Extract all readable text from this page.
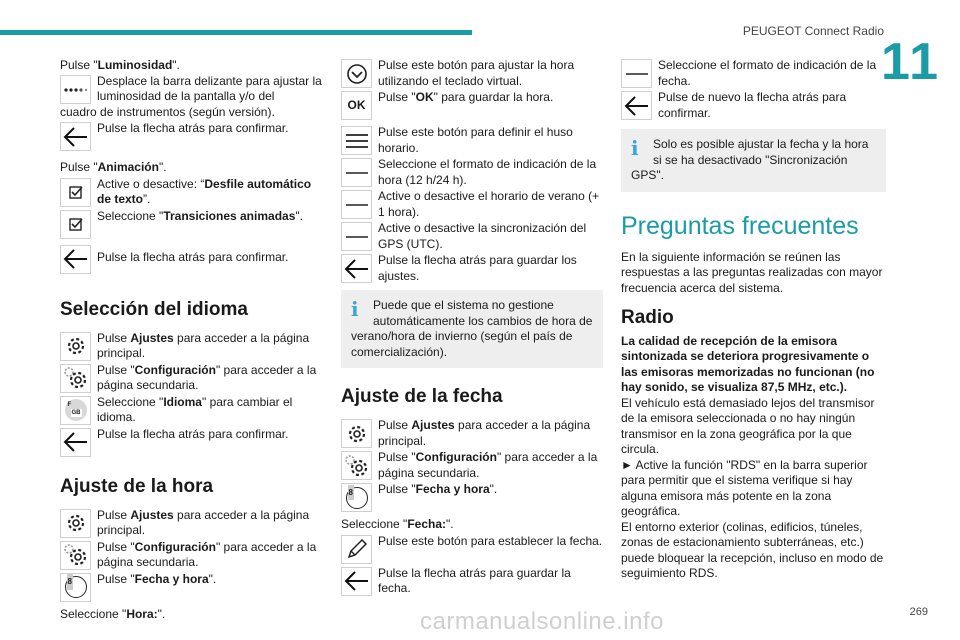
PEUGEOT Connect Radio
11

Pulse "Luminosidad".

Desplace la barra delizante para ajustar la luminosidad de la pantalla y/o del

cuadro de instrumentos (según versión).

Pulse la flecha atrás para confirmar.

Pulse "Animación".

Active o desactive: “Desfile automático de texto”.

Seleccione "Transiciones animadas".

Pulse la flecha atrás para confirmar.

Selección del idioma

Pulse Ajustes para acceder a la página principal.

Pulse "Configuración" para acceder a la página secundaria.

F
GB

Seleccione "Idioma" para cambiar el idioma.

Pulse la flecha atrás para confirmar.

Ajuste de la hora

Pulse Ajustes para acceder a la página principal.

Pulse "Configuración" para acceder a la página secundaria.

8 Pulse "Fecha y hora".

Seleccione "Hora:".

Pulse este botón para ajustar la hora utilizando el teclado virtual.

OK

Pulse "OK" para guardar la hora.

Pulse este botón para definir el huso horario.

Seleccione el formato de indicación de la hora (12 h/24 h).

Active o desactive el horario de verano (+ 1 hora).

Active o desactive la sincronización del GPS (UTC).

Pulse la flecha atrás para guardar los ajustes.

i	Puede que el sistema no gestione automáticamente los cambios de hora de
verano/hora de invierno (según el país de comercialización).
Ajuste de la fecha

Pulse Ajustes para acceder a la página principal.

Pulse "Configuración" para acceder a la página secundaria.

8 Pulse "Fecha y hora".

Seleccione "Fecha:".

Pulse este botón para establecer la fecha.

Pulse la flecha atrás para guardar la fecha.

Seleccione el formato de indicación de la fecha.

Pulse de nuevo la flecha atrás para confirmar.

i	Solo es posible ajustar la fecha y la hora si se ha desactivado "Sincronización
GPS".
Preguntas frecuentes

En la siguiente información se reúnen las respuestas a las preguntas realizadas con mayor frecuencia acerca del sistema.

Radio

La calidad de recepción de la emisora sintonizada se deteriora progresivamente o las emisoras memorizadas no funcionan (no hay sonido, se visualiza 87,5 MHz, etc.).

El vehículo está demasiado lejos del transmisor de la emisora seleccionada o no hay ningún transmisor en la zona geográfica por la que circula.

► Active la función "RDS" en la barra superior para permitir que el sistema verifique si hay alguna emisora más potente en la zona geográfica.

El entorno exterior (colinas, edificios, túneles, zonas de estacionamiento subterráneas, etc.) puede bloquear la recepción, incluso en modo de seguimiento RDS.

269
carmanualsonline.info
